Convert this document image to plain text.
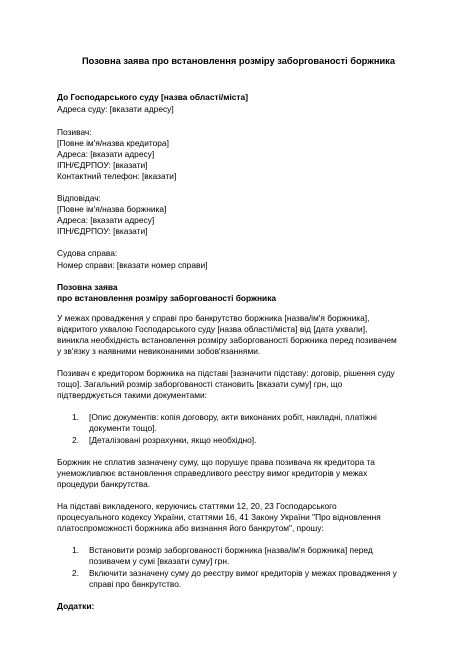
Позовна заява про встановлення розміру заборгованості боржника
До Господарського суду [назва області/міста]
Адреса суду: [вказати адресу]
Позивач:
[Повне ім'я/назва кредитора]
Адреса: [вказати адресу]
ІПН/ЄДРПОУ: [вказати]
Контактний телефон: [вказати]
Відповідач:
[Повне ім'я/назва боржника]
Адреса: [вказати адресу]
ІПН/ЄДРПОУ: [вказати]
Судова справа:
Номер справи: [вказати номер справи]
Позовна заява
про встановлення розміру заборгованості боржника
У межах провадження у справі про банкрутство боржника [назва/ім'я боржника],
відкритого ухвалою Господарського суду [назва області/міста] від [дата ухвали],
виникла необхідність встановлення розміру заборгованості боржника перед позивачем
у зв'язку з наявними невиконаними зобов'язаннями.
Позивач є кредитором боржника на підставі [зазначити підставу: договір, рішення суду
тощо]. Загальний розмір заборгованості становить [вказати суму] грн, що
підтверджується такими документами:
1. [Опис документів: копія договору, акти виконаних робіт, накладні, платіжні
документи тощо].
2. [Деталізовані розрахунки, якщо необхідно].
Боржник не сплатив зазначену суму, що порушує права позивача як кредитора та
унеможливлює встановлення справедливого реєстру вимог кредиторів у межах
процедури банкрутства.
На підставі викладеного, керуючись статтями 12, 20, 23 Господарського
процесуального кодексу України, статтями 16, 41 Закону України "Про відновлення
платоспроможності боржника або визнання його банкрутом", прошу:
1. Встановити розмір заборгованості боржника [назва/ім'я боржника] перед
позивачем у сумі [вказати суму] грн.
2. Включити зазначену суму до реєстру вимог кредиторів у межах провадження у
справі про банкрутство.
Додатки:
